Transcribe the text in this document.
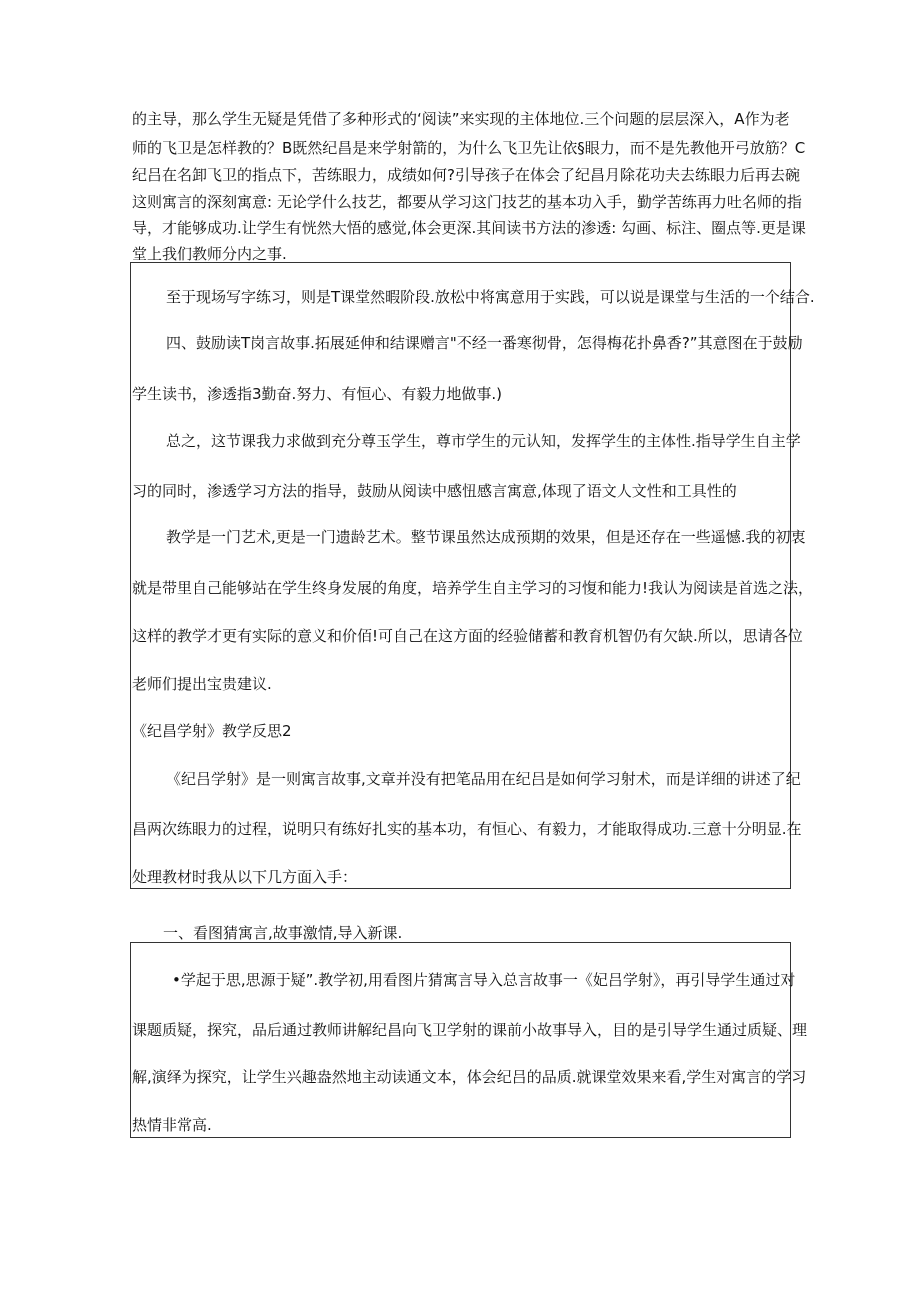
的主导，那么学生无疑是凭借了多种形式的‘阅读”来实现的主体地位.三个问题的层层深入，A作为老

师的飞卫是怎样教的？B既然纪昌是来学射箭的，为什么飞卫先让依§眼力，而不是先教他开弓放筋？C

纪吕在名卸飞卫的指点下，苦练眼力，成绩如何?引导孩子在体会了纪昌月除花功夫去练眼力后再去碗

这则寓言的深刻寓意: 无论学什么技艺，都要从学习这门技艺的基本功入手，勤学苦练再力吐名师的指

导，才能够成功.让学生有恍然大悟的感觉,体会更深.其间读书方法的渗透: 勾画、标注、圈点等.更是课

堂上我们教师分内之事.

至于现场写字练习，则是T课堂然暇阶段.放松中将寓意用于实践，可以说是课堂与生活的一个结合.

四、鼓励读T岗言故事.拓展延伸和结课赠言"不经一番寒彻骨，怎得梅花扑鼻香?”其意图在于鼓励

学生读书，渗透指3勤奋.努力、有恒心、有毅力地做事.)

总之，这节课我力求做到充分尊玉学生，尊市学生的元认知，发挥学生的主体性.指导学生自主学

习的同时，渗透学习方法的指导，鼓励从阅读中感忸感言寓意,体现了语文人文性和工具性的

教学是一门艺术,更是一门遗龄艺术。整节课虽然达成预期的效果，但是还存在一些遥憾.我的初衷

就是带里自己能够站在学生终身发展的角度，培养学生自主学习的习愎和能力!我认为阅读是首选之法，

这样的教学才更有实际的意义和价佰!可自己在这方面的经验储蓄和教育机智仍有欠缺.所以，思请各位

老师们提出宝贵建议.

《纪昌学射》教学反思2

《纪吕学射》是一则寓言故事,文章并没有把笔品用在纪吕是如何学习射术，而是详细的讲述了纪

昌两次练眼力的过程，说明只有练好扎实的基本功，有恒心、有毅力，才能取得成功.三意十分明显.在

处理教材时我从以下几方面入手：

一、看图猜寓言,故事激情,导入新课.

•学起于思,思源于疑”.教学初,用看图片猜寓言导入总言故事一《妃吕学射》，再引导学生通过对

课题质疑，探究，品后通过教师讲解纪昌向飞卫学射的课前小故事导入，目的是引导学生通过质疑、理

解,演绎为探究，让学生兴趣盎然地主动读通文本，体会纪吕的品质.就课堂效果来看,学生对寓言的学习

热情非常高.
